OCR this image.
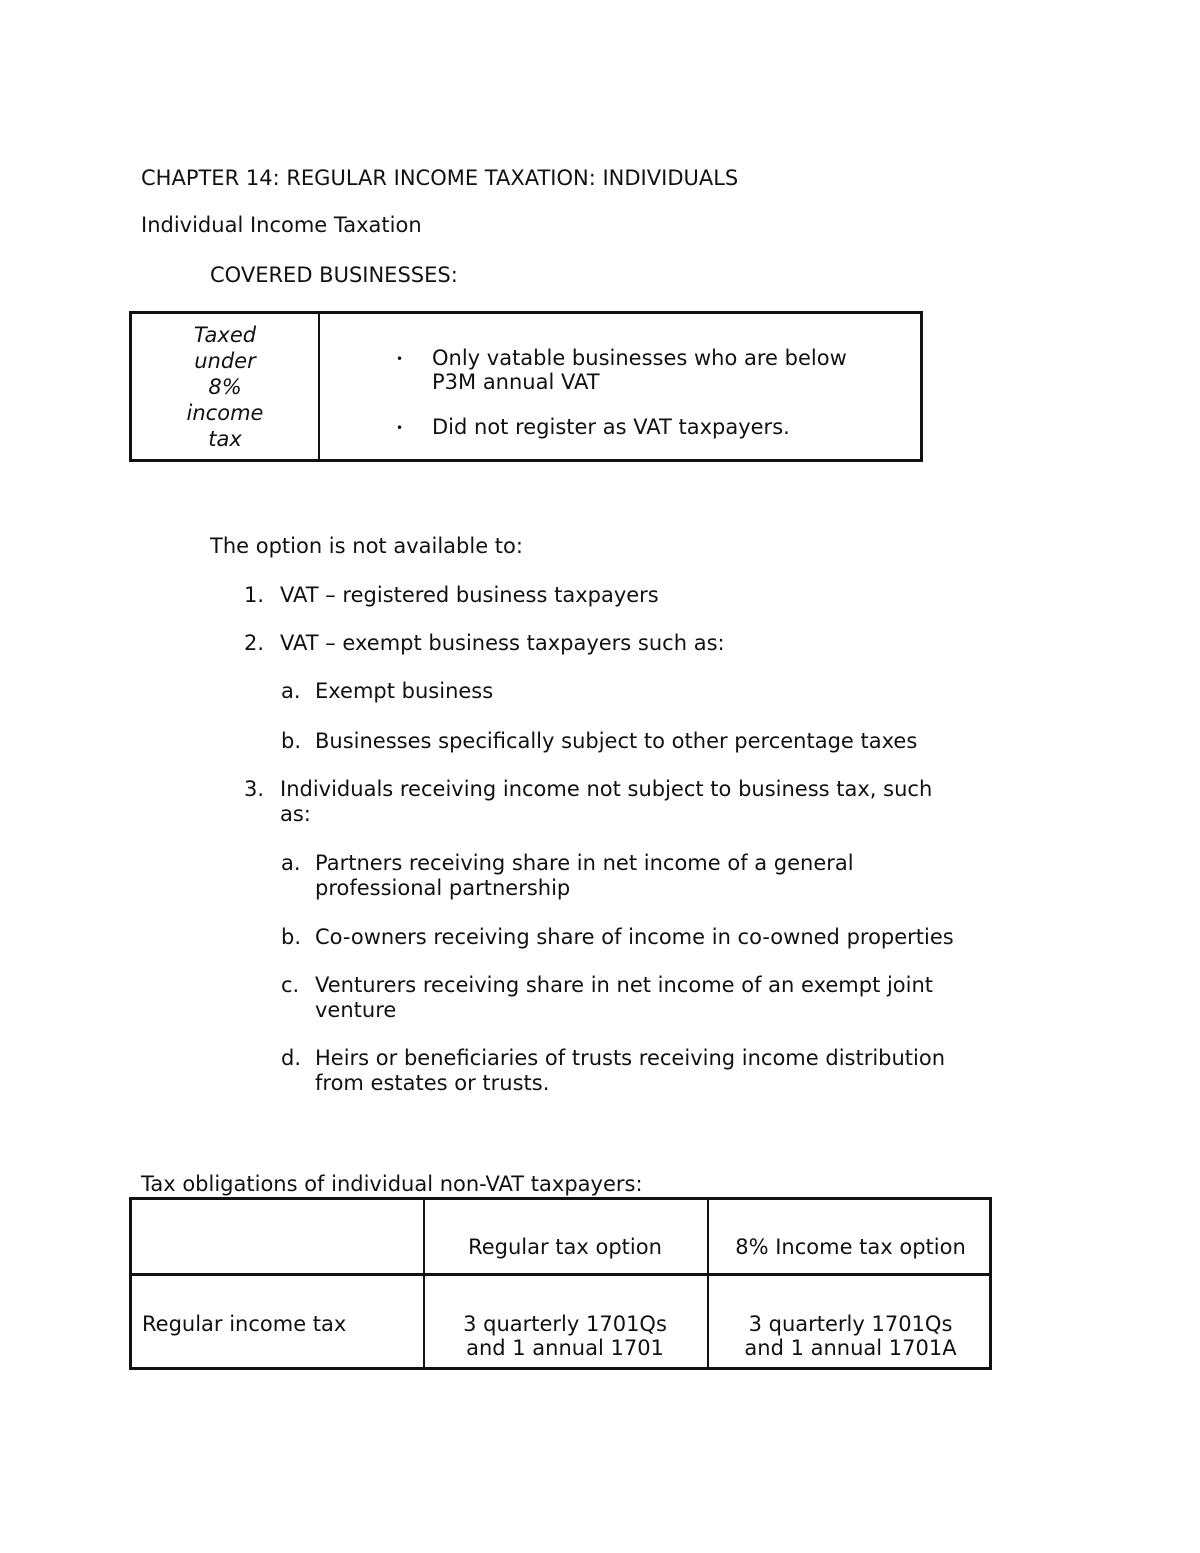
CHAPTER 14: REGULAR INCOME TAXATION: INDIVIDUALS
Individual Income Taxation
COVERED BUSINESSES:
Taxed
under
8%
income
tax
• Only vatable businesses who are below
P3M annual VAT
• Did not register as VAT taxpayers.
The option is not available to:
1. VAT – registered business taxpayers
2. VAT – exempt business taxpayers such as:
a. Exempt business
b. Businesses specifically subject to other percentage taxes
3. Individuals receiving income not subject to business tax, such
as:
a. Partners receiving share in net income of a general
professional partnership
b. Co-owners receiving share of income in co-owned properties
c. Venturers receiving share in net income of an exempt joint
venture
d. Heirs or beneficiaries of trusts receiving income distribution
from estates or trusts.
Tax obligations of individual non-VAT taxpayers:
Regular tax option	8% Income tax option
Regular income tax	3 quarterly 1701Qs
and 1 annual 1701
3 quarterly 1701Qs
and 1 annual 1701A
